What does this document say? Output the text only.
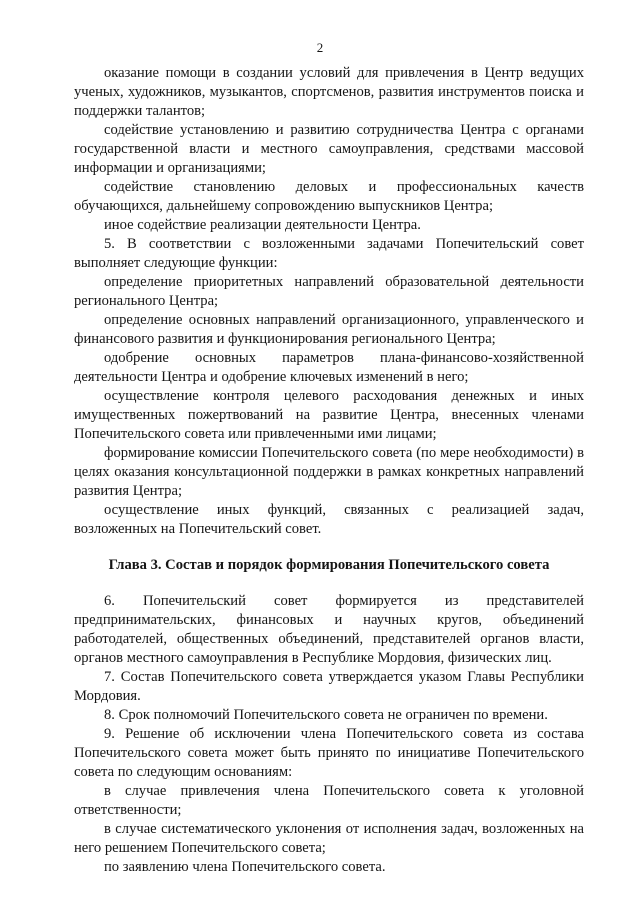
2

оказание помощи в создании условий для привлечения в Центр ведущих ученых, художников, музыкантов, спортсменов, развития инструментов поиска и поддержки талантов;

содействие установлению и развитию сотрудничества Центра с органами государственной власти и местного самоуправления, средствами массовой информации и организациями;

содействие становлению деловых и профессиональных качеств обучающихся, дальнейшему сопровождению выпускников Центра;

иное содействие реализации деятельности Центра.

5. В соответствии с возложенными задачами Попечительский совет выполняет следующие функции:

определение приоритетных направлений образовательной деятельности регионального Центра;

определение основных направлений организационного, управленческого и финансового развития и функционирования регионального Центра;

одобрение основных параметров плана-финансово-хозяйственной деятельности Центра и одобрение ключевых изменений в него;

осуществление контроля целевого расходования денежных и иных имущественных пожертвований на развитие Центра, внесенных членами Попечительского совета или привлеченными ими лицами;

формирование комиссии Попечительского совета (по мере необходимости) в целях оказания консультационной поддержки в рамках конкретных направлений развития Центра;

осуществление иных функций, связанных с реализацией задач, возложенных на Попечительский совет.

Глава 3. Состав и порядок формирования Попечительского совета

6. Попечительский совет формируется из представителей предпринимательских, финансовых и научных кругов, объединений работодателей, общественных объединений, представителей органов власти, органов местного самоуправления в Республике Мордовия, физических лиц.

7. Состав Попечительского совета утверждается указом Главы Республики Мордовия.

8. Срок полномочий Попечительского совета не ограничен по времени.

9. Решение об исключении члена Попечительского совета из состава Попечительского совета может быть принято по инициативе Попечительского совета по следующим основаниям:

в случае привлечения члена Попечительского совета к уголовной ответственности;

в случае систематического уклонения от исполнения задач, возложенных на него решением Попечительского совета;

по заявлению члена Попечительского совета.
